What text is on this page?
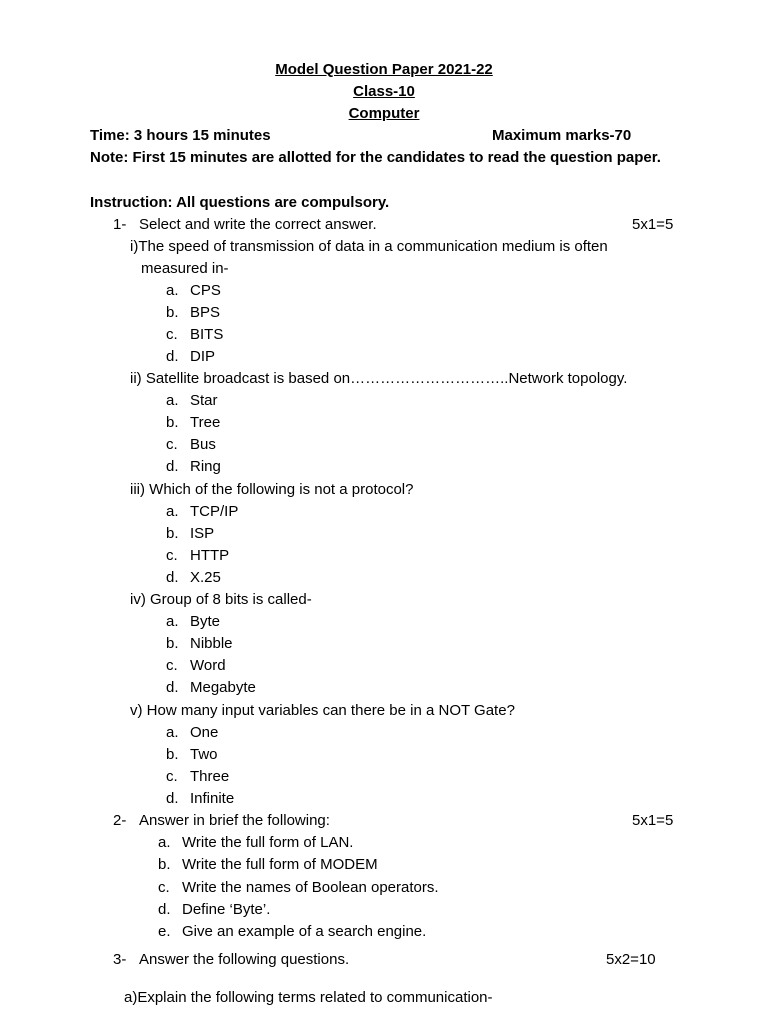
Model Question Paper 2021-22
Class-10
Computer
Time: 3 hours 15 minutes	Maximum marks-70
Note: First 15 minutes are allotted for the candidates to read the question paper.
Instruction: All questions are compulsory.
1- Select and write the correct answer.	5x1=5
i)The speed of transmission of data in a communication medium is often
measured in-
a. CPS
b. BPS
c. BITS
d. DIP
ii) Satellite broadcast is based on…………………………..Network topology.
a. Star
b. Tree
c. Bus
d. Ring
iii) Which of the following is not a protocol?
a. TCP/IP
b. ISP
c. HTTP
d. X.25
iv) Group of 8 bits is called-
a. Byte
b. Nibble
c. Word
d. Megabyte
v) How many input variables can there be in a NOT Gate?
a. One
b. Two
c. Three
d. Infinite
2- Answer in brief the following:	5x1=5
a. Write the full form of LAN.
b. Write the full form of MODEM
c. Write the names of Boolean operators.
d. Define ‘Byte’.
e. Give an example of a search engine.
3- Answer the following questions.	5x2=10
a)Explain the following terms related to communication-
